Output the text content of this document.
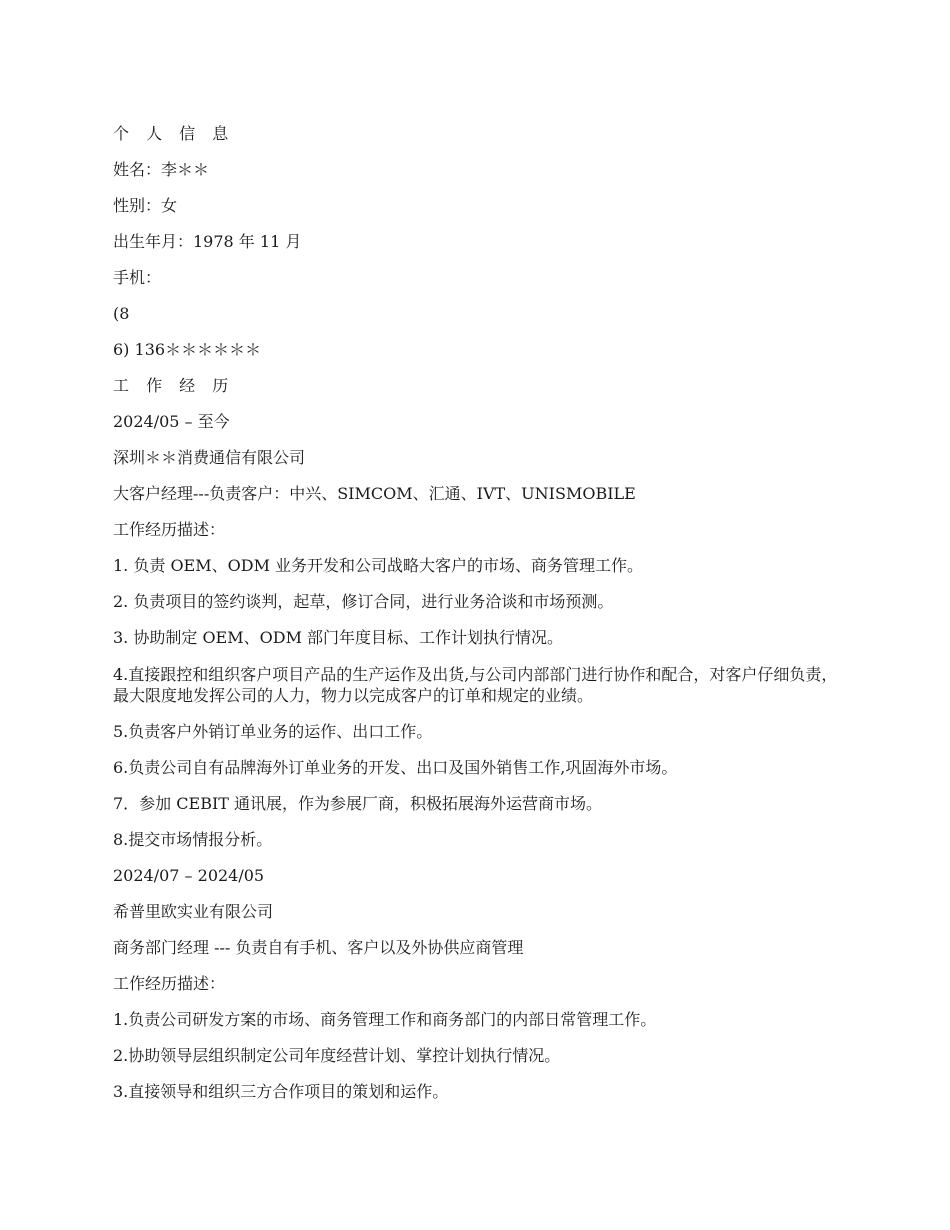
个 人 信 息
姓名：李＊＊
性别：女
出生年月：1978 年 11 月
手机：
(8
6) 136＊＊＊＊＊＊
工 作 经 历
2024/05 – 至今
深圳＊＊消费通信有限公司
大客户经理---负责客户：中兴、SIMCOM、汇通、IVT、UNISMOBILE
工作经历描述：
1. 负责 OEM、ODM 业务开发和公司战略大客户的市场、商务管理工作。
2. 负责项目的签约谈判，起草，修订合同，进行业务洽谈和市场预测。
3. 协助制定 OEM、ODM 部门年度目标、工作计划执行情况。
4.直接跟控和组织客户项目产品的生产运作及出货,与公司内部部门进行协作和配合，对客户仔细负责，最大限度地发挥公司的人力，物力以完成客户的订单和规定的业绩。
5.负责客户外销订单业务的运作、出口工作。
6.负责公司自有品牌海外订单业务的开发、出口及国外销售工作,巩固海外市场。
7．参加 CEBIT 通讯展，作为参展厂商，积极拓展海外运营商市场。
8.提交市场情报分析。
2024/07 – 2024/05
希普里欧实业有限公司
商务部门经理 --- 负责自有手机、客户以及外协供应商管理
工作经历描述：
1.负责公司研发方案的市场、商务管理工作和商务部门的内部日常管理工作。
2.协助领导层组织制定公司年度经营计划、掌控计划执行情况。
3.直接领导和组织三方合作项目的策划和运作。
